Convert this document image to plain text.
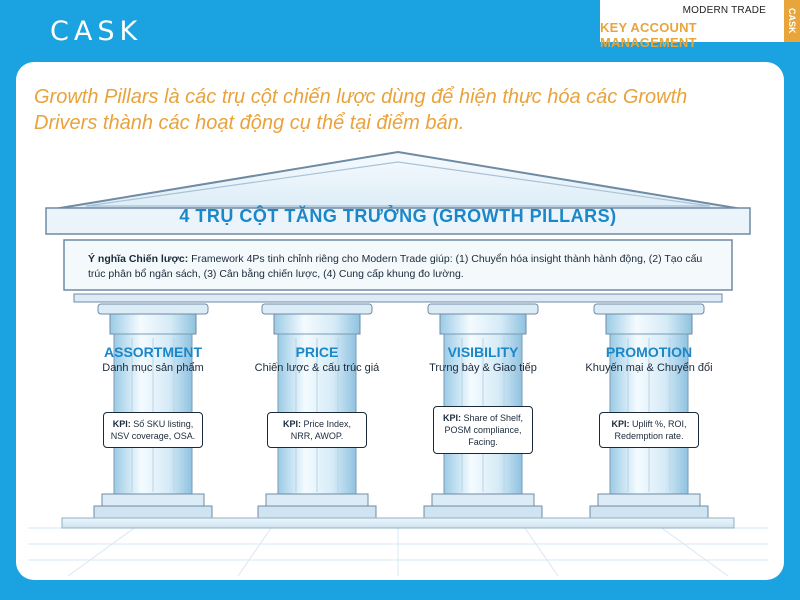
CASK
MODERN TRADE
KEY ACCOUNT MANAGEMENT
CASK
Growth Pillars là các trụ cột chiến lược dùng để hiện thực hóa các Growth Drivers thành các hoạt động cụ thể tại điểm bán.
4 TRỤ CỘT TĂNG TRƯỞNG (GROWTH PILLARS)
Ý nghĩa Chiến lược: Framework 4Ps tinh chỉnh riêng cho Modern Trade giúp: (1) Chuyển hóa insight thành hành động, (2) Tạo cấu trúc phân bổ ngân sách, (3) Cân bằng chiến lược, (4) Cung cấp khung đo lường.
ASSORTMENT
Danh mục sản phẩm
KPI: Số SKU listing, NSV coverage, OSA.
PRICE
Chiến lược & cấu trúc giá
KPI: Price Index, NRR, AWOP.
VISIBILITY
Trưng bày & Giao tiếp
KPI: Share of Shelf, POSM compliance, Facing.
PROMOTION
Khuyến mại & Chuyển đổi
KPI: Uplift %, ROI, Redemption rate.
